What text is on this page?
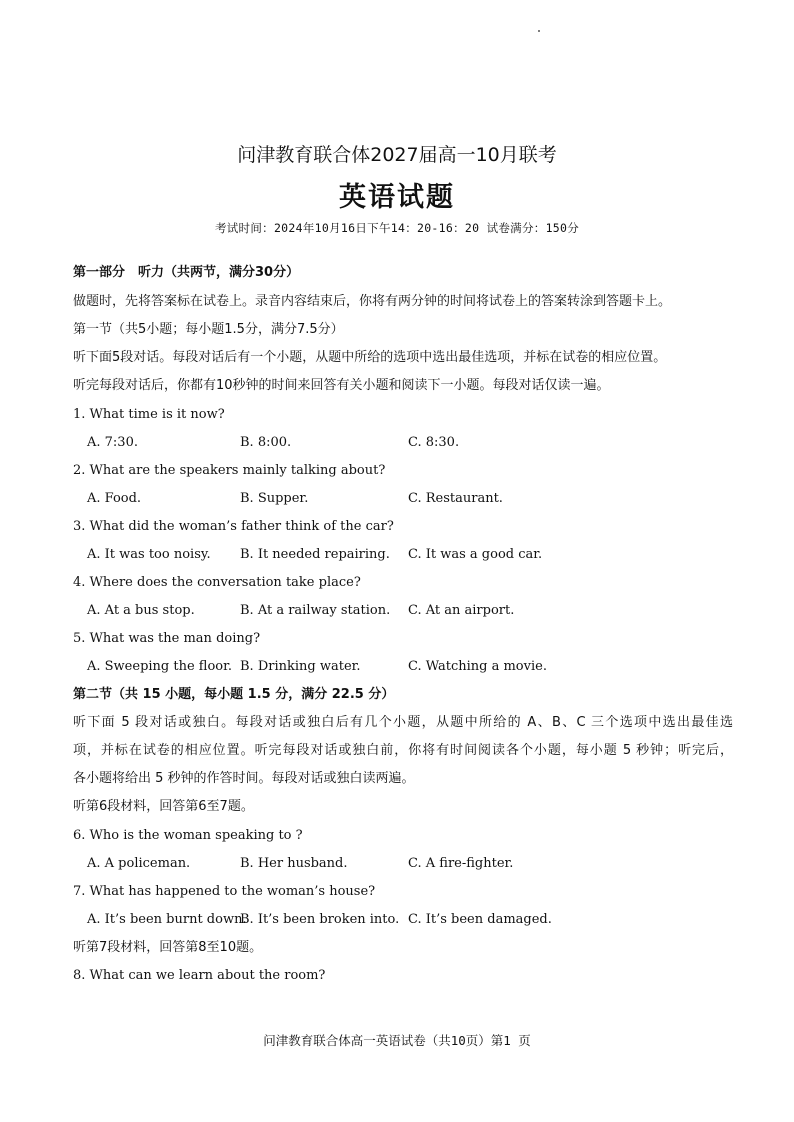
问津教育联合体2027届高一10月联考
英语试题
考试时间：2024年10月16日下午14：20-16：20 试卷满分：150分
第一部分　听力（共两节，满分30分）
做题时，先将答案标在试卷上。录音内容结束后，你将有两分钟的时间将试卷上的答案转涂到答题卡上。
第一节（共5小题；每小题1.5分，满分7.5分）
听下面5段对话。每段对话后有一个小题，从题中所给的选项中选出最佳选项，并标在试卷的相应位置。
听完每段对话后，你都有10秒钟的时间来回答有关小题和阅读下一小题。每段对话仅读一遍。
1. What time is it now?
A. 7:30.	B. 8:00.	C. 8:30.
2. What are the speakers mainly talking about?
A. Food.	B. Supper.	C. Restaurant.
3. What did the woman’s father think of the car?
A. It was too noisy. B. It needed repairing. C. It was a good car.
4. Where does the conversation take place?
A. At a bus stop.	B. At a railway station. C. At an airport.
5. What was the man doing?
A. Sweeping the floor. B. Drinking water.	C. Watching a movie.
第二节（共 15 小题，每小题 1.5 分，满分 22.5 分）
听下面 5 段对话或独白。每段对话或独白后有几个小题，从题中所给的 A、B、C 三个选项中选出最佳选
项，并标在试卷的相应位置。听完每段对话或独白前，你将有时间阅读各个小题，每小题 5 秒钟；听完后，
各小题将给出 5 秒钟的作答时间。每段对话或独白读两遍。
听第6段材料，回答第6至7题。
6. Who is the woman speaking to ?
A. A policeman.	B. Her husband.	C. A fire-fighter.
7. What has happened to the woman’s house?
A. It’s been burnt down.
B. It’s been broken into. C. It’s been damaged.
听第7段材料，回答第8至10题。
8. What can we learn about the room?
问津教育联合体高一英语试卷（共10页）第1 页
